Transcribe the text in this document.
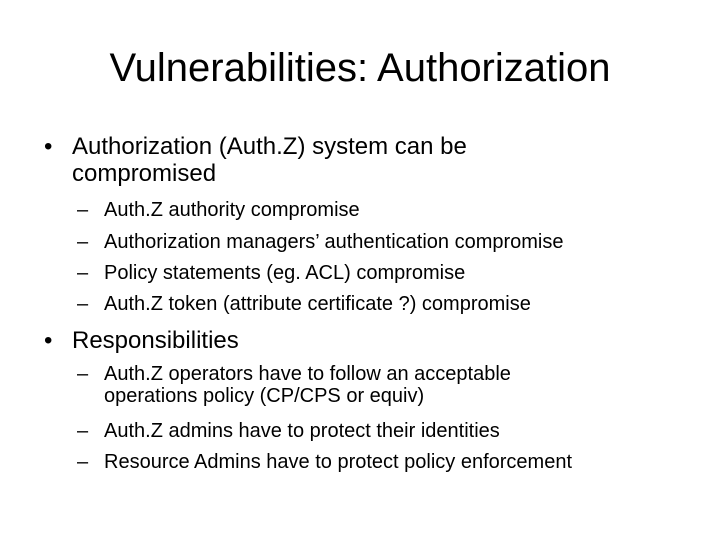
Vulnerabilities: Authorization
• Authorization (Auth.Z) system can be compromised
– Auth.Z authority compromise
– Authorization managers’ authentication compromise
– Policy statements (eg. ACL) compromise
– Auth.Z token (attribute certificate ?) compromise
• Responsibilities
– Auth.Z operators have to follow an acceptable operations policy (CP/CPS or equiv)
– Auth.Z admins have to protect their identities
– Resource Admins have to protect policy enforcement
